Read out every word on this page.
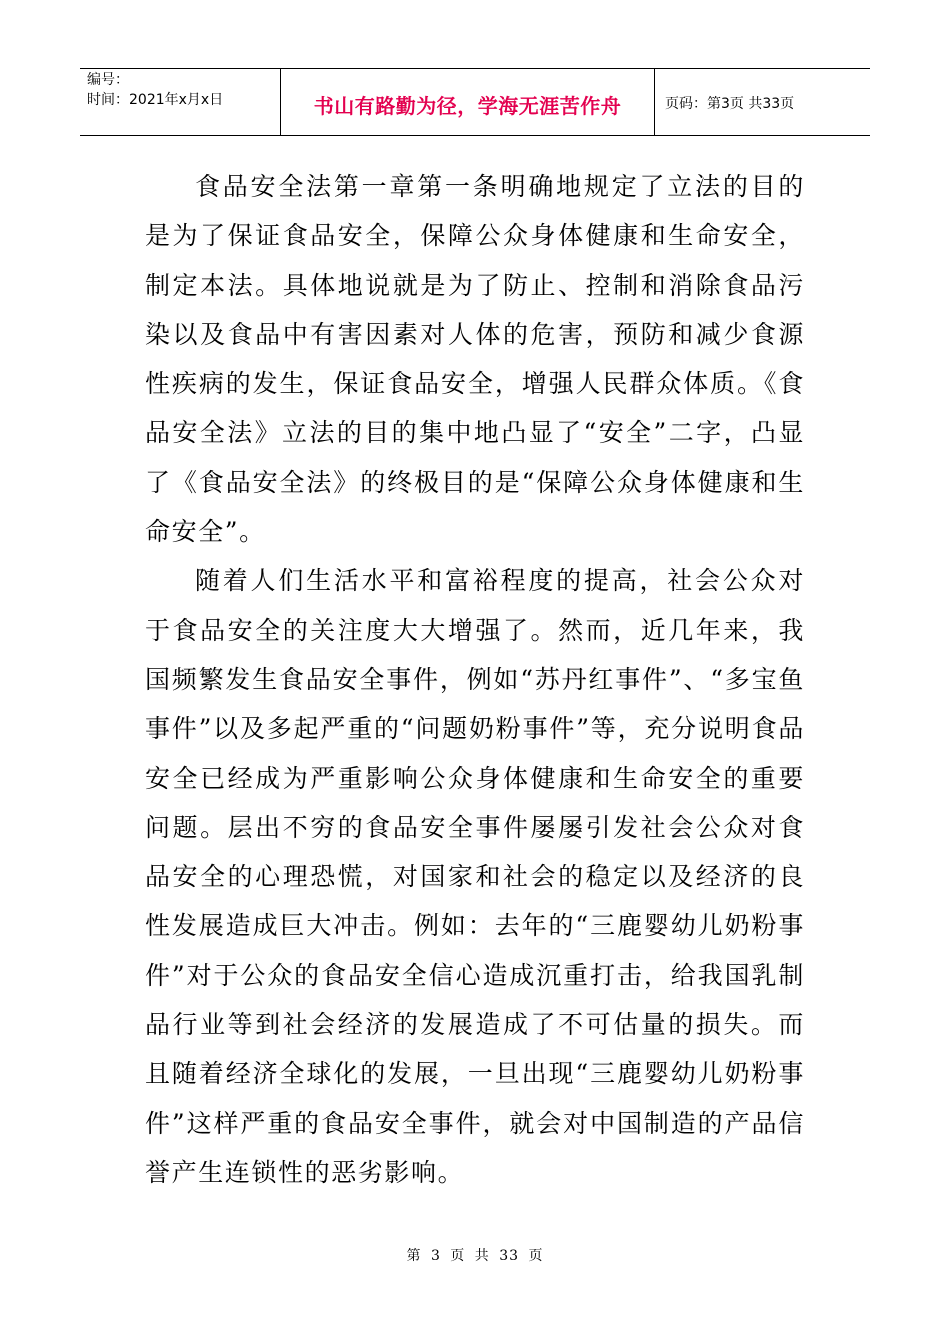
编号：
时间：2021年x月x日	书山有路勤为径，学海无涯苦作舟	页码：第3页 共33页

食品安全法第一章第一条明确地规定了立法的目的是为了保证食品安全，保障公众身体健康和生命安全，制定本法。具体地说就是为了防止、控制和消除食品污染以及食品中有害因素对人体的危害，预防和减少食源性疾病的发生，保证食品安全，增强人民群众体质。《食品安全法》立法的目的集中地凸显了“安全”二字，凸显了《食品安全法》的终极目的是“保障公众身体健康和生命安全”。

随着人们生活水平和富裕程度的提高，社会公众对于食品安全的关注度大大增强了。然而，近几年来，我国频繁发生食品安全事件，例如“苏丹红事件”、“多宝鱼事件”以及多起严重的“问题奶粉事件”等，充分说明食品安全已经成为严重影响公众身体健康和生命安全的重要问题。层出不穷的食品安全事件屡屡引发社会公众对食品安全的心理恐慌，对国家和社会的稳定以及经济的良性发展造成巨大冲击。例如：去年的“三鹿婴幼儿奶粉事件”对于公众的食品安全信心造成沉重打击，给我国乳制品行业等到社会经济的发展造成了不可估量的损失。而且随着经济全球化的发展，一旦出现“三鹿婴幼儿奶粉事件”这样严重的食品安全事件，就会对中国制造的产品信誉产生连锁性的恶劣影响。

第 3 页 共 33 页
